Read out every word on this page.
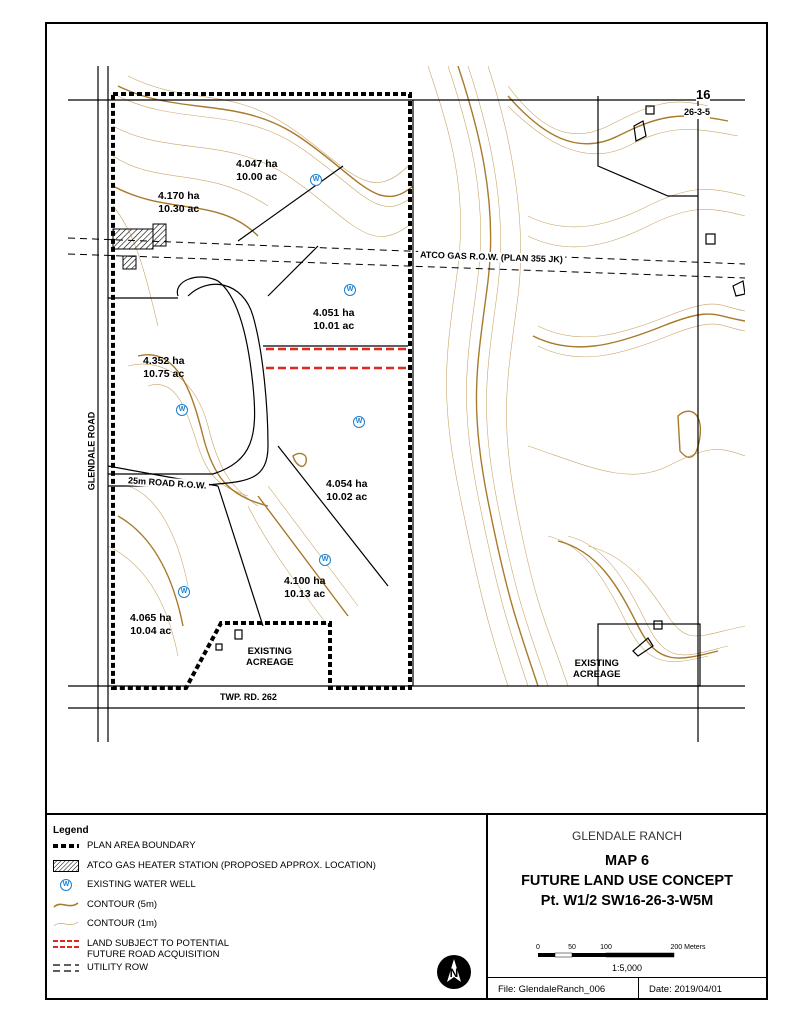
16
26-3-5
4.047 ha
10.00 ac
4.170 ha
10.30 ac
4.051 ha
10.01 ac
4.352 ha
10.75 ac
4.054 ha
10.02 ac
4.100 ha
10.13 ac
4.065 ha
10.04 ac
EXISTING
ACREAGE	EXISTING
ACREAGE
GLENDALE ROAD	25m ROAD R.O.W.
TWP. RD. 262
ATCO GAS R.O.W. (PLAN 355 JK)
W
W
W
W
W
W
Legend
PLAN AREA BOUNDARY
ATCO GAS HEATER STATION (PROPOSED APPROX. LOCATION)
W EXISTING WATER WELL
CONTOUR (5m)
CONTOUR (1m)
LAND SUBJECT TO POTENTIAL
FUTURE ROAD ACQUISITION
UTILITY ROW	N
GLENDALE RANCH
MAP 6
FUTURE LAND USE CONCEPT
Pt. W1/2 SW16-26-3-W5M
0	50	100	200 Meters
1:5,000
File: GlendaleRanch_006	Date: 2019/04/01
